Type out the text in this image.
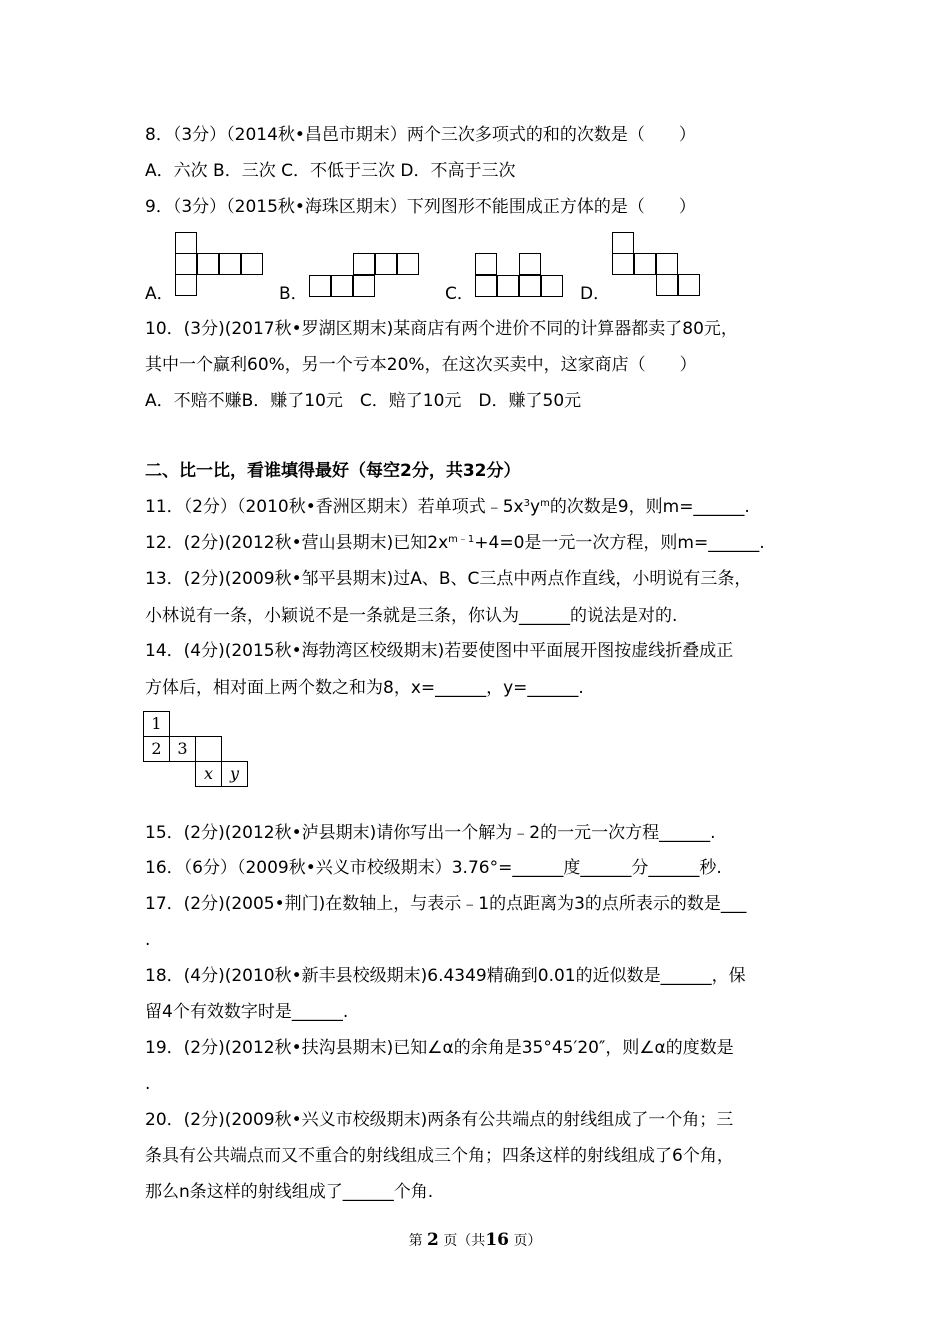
8．（3分）（2014秋•昌邑市期末）两个三次多项式的和的次数是（　　）
A．六次 B．三次 C．不低于三次 D．不高于三次
9．（3分）（2015秋•海珠区期末）下列图形不能围成正方体的是（　　）
A．	B．	C．	D．
10．(3分)(2017秋•罗湖区期末)某商店有两个进价不同的计算器都卖了80元，
其中一个赢利60%，另一个亏本20%，在这次买卖中，这家商店（　　）
A．不赔不赚B．赚了10元　C．赔了10元　D．赚了50元
二、比一比，看谁填得最好（每空2分，共32分）
11．（2分）（2010秋•香洲区期末）若单项式$﹣5x^3y^m$的次数是9，则m=______.
12．(2分)(2012秋•营山县期末)已知$2x^{m﹣1}+4=0$是一元一次方程，则m=______.
13．(2分)(2009秋•邹平县期末)过A、B、C三点中两点作直线，小明说有三条，
小林说有一条，小颖说不是一条就是三条，你认为______的说法是对的.
14．(4分)(2015秋•海勃湾区校级期末)若要使图中平面展开图按虚线折叠成正
方体后，相对面上两个数之和为8，x=______，y=______.
1
2 3
x	y
15．(2分)(2012秋•泸县期末)请你写出一个解为﹣2的一元一次方程______.
16．（6分）（2009秋•兴义市校级期末）3.76°=______度______分______秒.
17．(2分)(2005•荆门)在数轴上，与表示﹣1的点距离为3的点所表示的数是___
.
18．(4分)(2010秋•新丰县校级期末)6.4349精确到0.01的近似数是______，保
留4个有效数字时是______.
19．(2分)(2012秋•扶沟县期末)已知∠α的余角是35°45′20″，则∠α的度数是
.
20．(2分)(2009秋•兴义市校级期末)两条有公共端点的射线组成了一个角；三
条具有公共端点而又不重合的射线组成三个角；四条这样的射线组成了6个角，
那么n条这样的射线组成了______个角.
第 2 页（共16 页）
